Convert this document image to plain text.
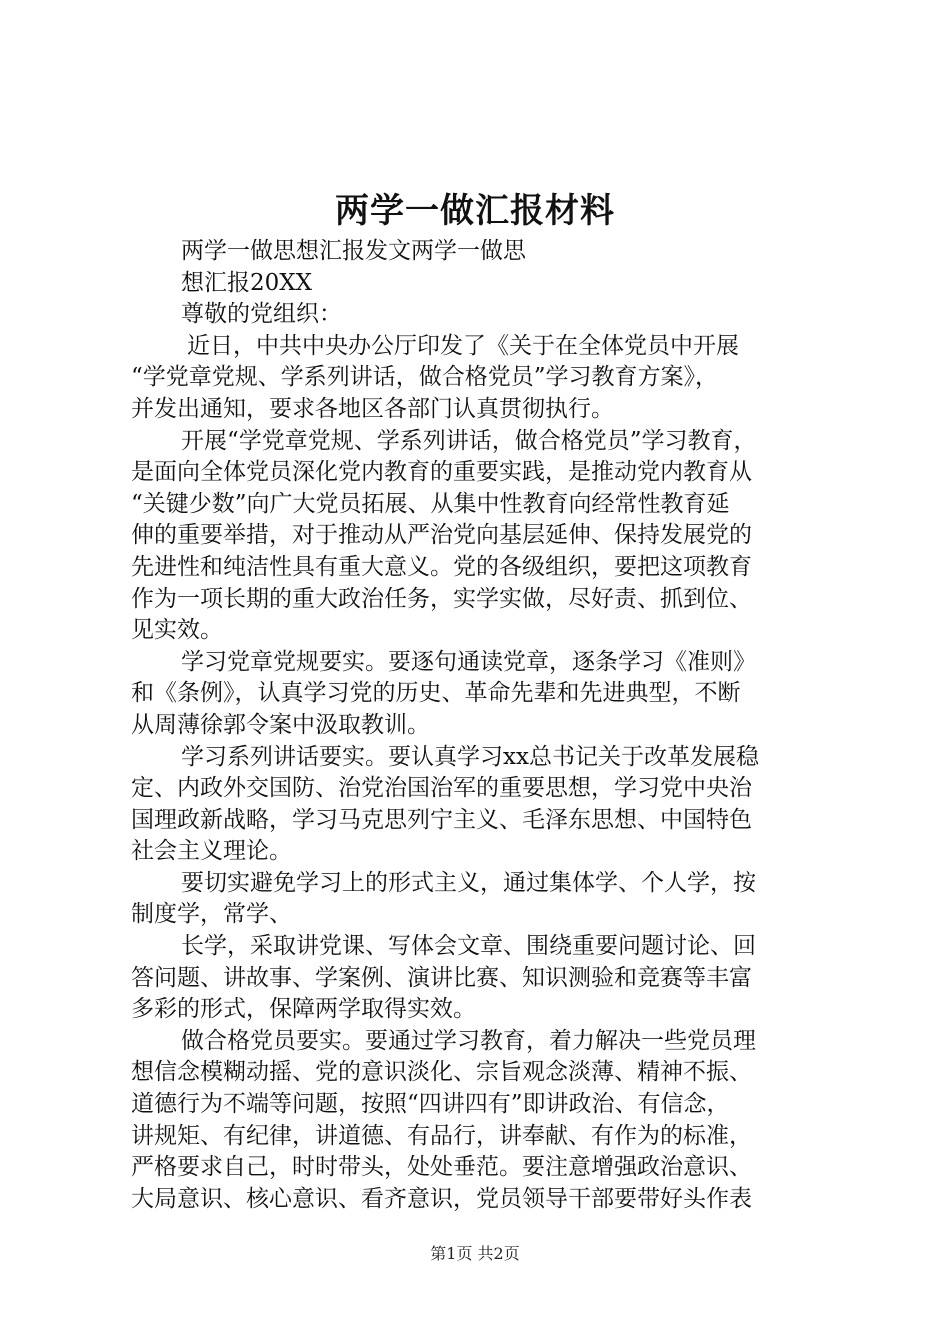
两学一做汇报材料

两学一做思想汇报发文两学一做思

想汇报20XX

尊敬的党组织：

近日，中共中央办公厅印发了《关于在全体党员中开展

“学党章党规、学系列讲话，做合格党员”学习教育方案》，

并发出通知，要求各地区各部门认真贯彻执行。

开展“学党章党规、学系列讲话，做合格党员”学习教育，

是面向全体党员深化党内教育的重要实践，是推动党内教育从

“关键少数”向广大党员拓展、从集中性教育向经常性教育延

伸的重要举措，对于推动从严治党向基层延伸、保持发展党的

先进性和纯洁性具有重大意义。党的各级组织，要把这项教育

作为一项长期的重大政治任务，实学实做，尽好责、抓到位、

见实效。

学习党章党规要实。要逐句通读党章，逐条学习《准则》

和《条例》，认真学习党的历史、革命先辈和先进典型，不断

从周薄徐郭令案中汲取教训。

学习系列讲话要实。要认真学习xx总书记关于改革发展稳

定、内政外交国防、治党治国治军的重要思想，学习党中央治

国理政新战略，学习马克思列宁主义、毛泽东思想、中国特色

社会主义理论。

要切实避免学习上的形式主义，通过集体学、个人学，按

制度学，常学、

长学，采取讲党课、写体会文章、围绕重要问题讨论、回

答问题、讲故事、学案例、演讲比赛、知识测验和竞赛等丰富

多彩的形式，保障两学取得实效。

做合格党员要实。要通过学习教育，着力解决一些党员理

想信念模糊动摇、党的意识淡化、宗旨观念淡薄、精神不振、

道德行为不端等问题，按照“四讲四有”即讲政治、有信念，

讲规矩、有纪律，讲道德、有品行，讲奉献、有作为的标准，

严格要求自己，时时带头，处处垂范。要注意增强政治意识、

大局意识、核心意识、看齐意识，党员领导干部要带好头作表

第1页 共2页
